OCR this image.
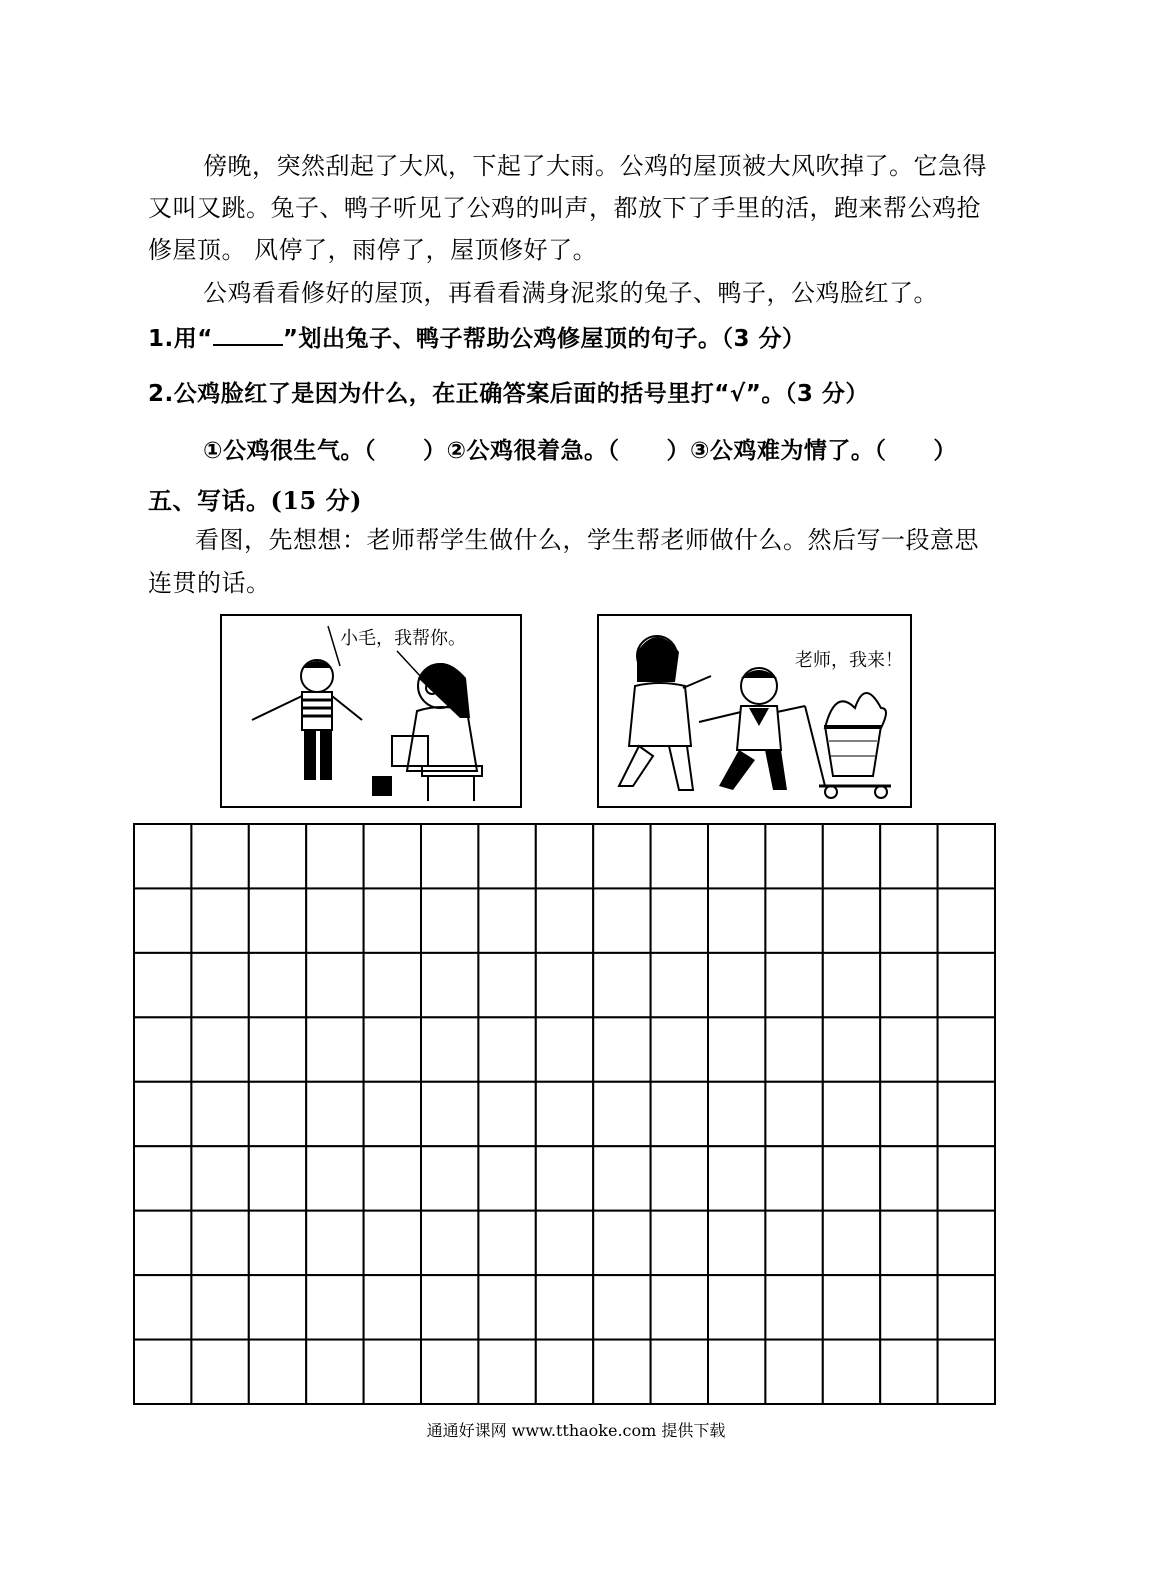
傍晚，突然刮起了大风，下起了大雨。公鸡的屋顶被大风吹掉了。它急得
又叫又跳。兔子、鸭子听见了公鸡的叫声，都放下了手里的活，跑来帮公鸡抢
修屋顶。 风停了，雨停了，屋顶修好了。
公鸡看看修好的屋顶，再看看满身泥浆的兔子、鸭子，公鸡脸红了。
1.用“	”划出兔子、鸭子帮助公鸡修屋顶的句子。（3 分）
2.公鸡脸红了是因为什么，在正确答案后面的括号里打“√”。（3 分）
①公鸡很生气。（　　）②公鸡很着急。（　　）③公鸡难为情了。（　　）
五、写话。(15 分)
看图，先想想：老师帮学生做什么，学生帮老师做什么。然后写一段意思
连贯的话。
小毛，我帮你。
老师，我来！
通通好课网 www.tthaoke.com 提供下载
